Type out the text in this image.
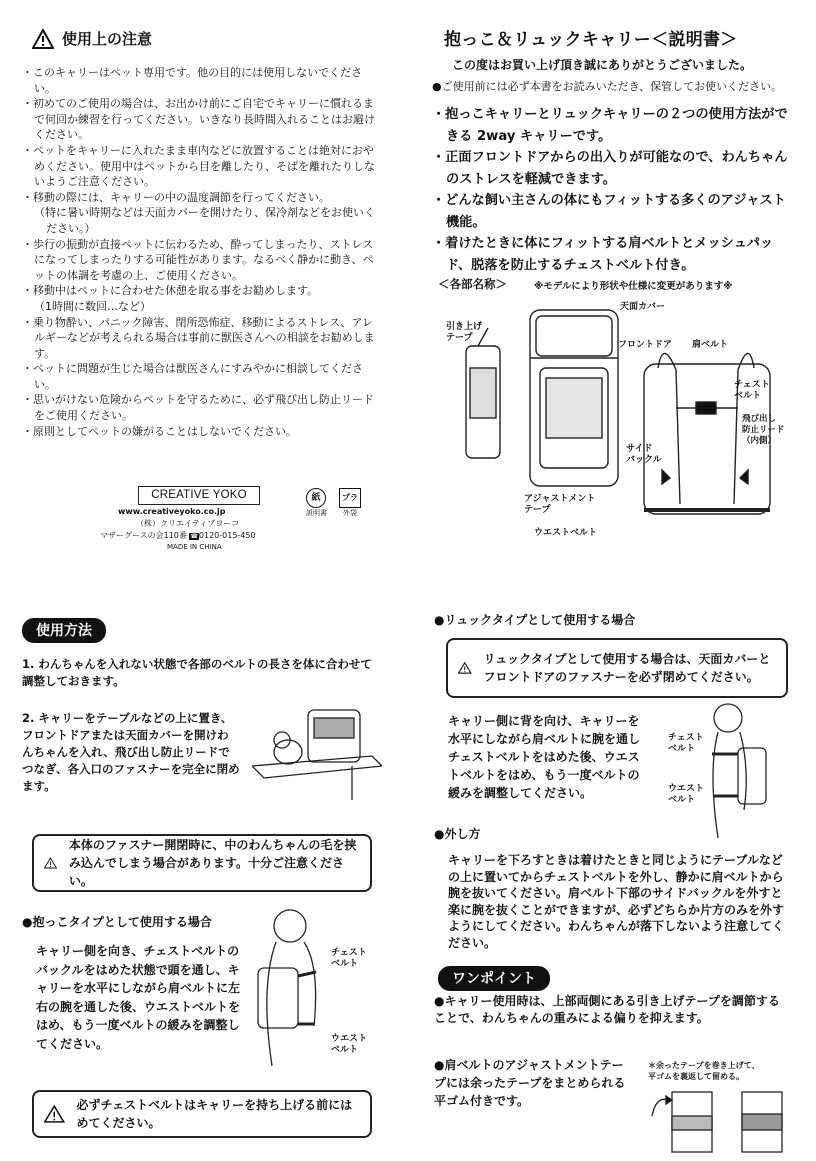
使用上の注意
・このキャリーはペット専用です。他の目的には使用しないでください。
・初めてのご使用の場合は、お出かけ前にご自宅でキャリーに慣れるまで何回か練習を行ってください。いきなり長時間入れることはお避けください。
・ペットをキャリーに入れたまま車内などに放置することは絶対におやめください。使用中はペットから目を離したり、そばを離れたりしないようご注意ください。
・移動の際には、キャリーの中の温度調節を行ってください。
（特に暑い時期などは天面カバーを開けたり、保冷剤などをお使いください。）
・歩行の振動が直接ペットに伝わるため、酔ってしまったり、ストレスになってしまったりする可能性があります。なるべく静かに動き、ペットの体調を考慮の上、ご使用ください。
・移動中はペットに合わせた休憩を取る事をお勧めします。
（1時間に数回…など）
・乗り物酔い、パニック障害、閉所恐怖症、移動によるストレス、アレルギーなどが考えられる場合は事前に獣医さんへの相談をお勧めします。
・ペットに問題が生じた場合は獣医さんにすみやかに相談してください。
・思いがけない危険からペットを守るために、必ず飛び出し防止リードをご使用ください。
・原則としてペットの嫌がることはしないでください。
CREATIVE YOKO
www.creativeyoko.co.jp
（株）クリエイティブヨーコ
マザーグースの会110番 ☎0120-015-450
MADE IN CHINA
紙
説明書
プラ
外袋
抱っこ＆リュックキャリー＜説明書＞
この度はお買い上げ頂き誠にありがとうございました。
●ご使用前には必ず本書をお読みいただき、保管してお使いください。
・抱っこキャリーとリュックキャリーの２つの使用方法ができる 2way キャリーです。
・正面フロントドアからの出入りが可能なので、わんちゃんのストレスを軽減できます。
・どんな飼い主さんの体にもフィットする多くのアジャスト機能。
・着けたときに体にフィットする肩ベルトとメッシュパッド、脱落を防止するチェストベルト付き。
＜各部名称＞	※モデルにより形状や仕様に変更があります※
引き上げ
テープ
天面カバー
フロントドア 肩ベルト
チェスト
ベルト
飛び出し
防止リード
（内側）
サイド
バックル
アジャストメント
テープ
ウエストベルト
使用方法
1. わんちゃんを入れない状態で各部のベルトの長さを体に合わせて調整しておきます。
2. キャリーをテーブルなどの上に置き、フロントドアまたは天面カバーを開けわんちゃんを入れ、飛び出し防止リードでつなぎ、各入口のファスナーを完全に閉めます。
本体のファスナー開閉時に、中のわんちゃんの毛を挟み込んでしまう場合があります。十分ご注意ください。
●抱っこタイプとして使用する場合
キャリー側を向き、チェストベルトのバックルをはめた状態で頭を通し、キャリーを水平にしながら肩ベルトに左右の腕を通した後、ウエストベルトをはめ、もう一度ベルトの緩みを調整してください。
チェスト
ベルト
ウエスト
ベルト
必ずチェストベルトはキャリーを持ち上げる前にはめてください。
●リュックタイプとして使用する場合
リュックタイプとして使用する場合は、天面カバーとフロントドアのファスナーを必ず閉めてください。
キャリー側に背を向け、キャリーを水平にしながら肩ベルトに腕を通しチェストベルトをはめた後、ウエストベルトをはめ、もう一度ベルトの緩みを調整してください。
チェスト
ベルト
ウエスト
ベルト
●外し方
キャリーを下ろすときは着けたときと同じようにテーブルなどの上に置いてからチェストベルトを外し、静かに肩ベルトから腕を抜いてください。肩ベルト下部のサイドバックルを外すと楽に腕を抜くことができますが、必ずどちらか片方のみを外すようにしてください。わんちゃんが落下しないよう注意してください。
ワンポイント
●キャリー使用時は、上部両側にある引き上げテープを調節することで、わんちゃんの重みによる偏りを抑えます。
●肩ベルトのアジャストメントテープには余ったテープをまとめられる平ゴム付きです。
＊余ったテープを巻き上げて、
平ゴムを裏返して留める。
